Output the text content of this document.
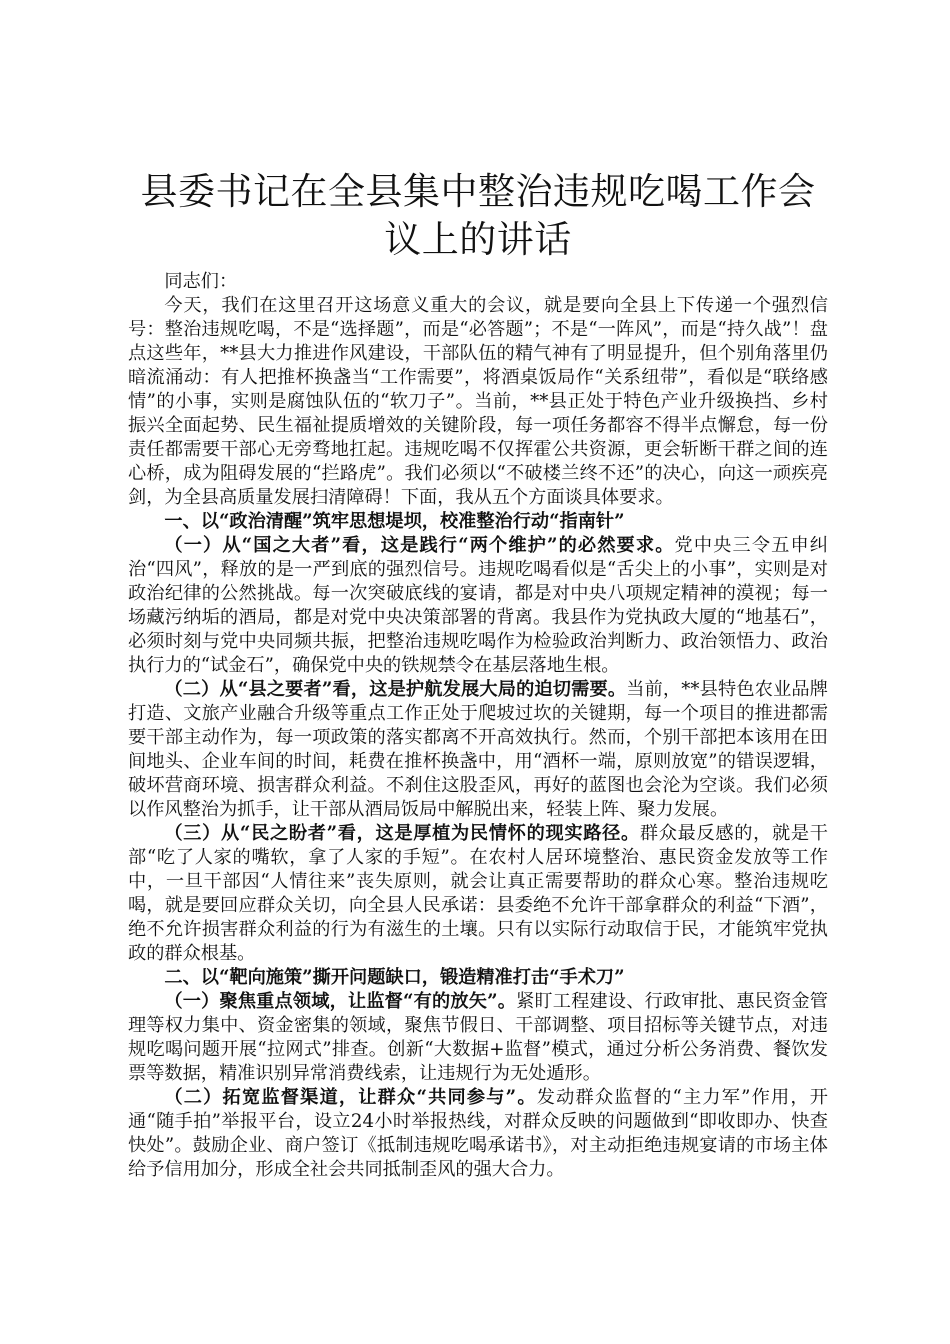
县委书记在全县集中整治违规吃喝工作会议上的讲话

同志们：

今天，我们在这里召开这场意义重大的会议，就是要向全县上下传递一个强烈信号：整治违规吃喝，不是“选择题”，而是“必答题”；不是“一阵风”，而是“持久战”！盘点这些年，**县大力推进作风建设，干部队伍的精气神有了明显提升，但个别角落里仍暗流涌动：有人把推杯换盏当“工作需要”，将酒桌饭局作“关系纽带”，看似是“联络感情”的小事，实则是腐蚀队伍的“软刀子”。当前，**县正处于特色产业升级换挡、乡村振兴全面起势、民生福祉提质增效的关键阶段，每一项任务都容不得半点懈怠，每一份责任都需要干部心无旁骛地扛起。违规吃喝不仅挥霍公共资源，更会斩断干群之间的连心桥，成为阻碍发展的“拦路虎”。我们必须以“不破楼兰终不还”的决心，向这一顽疾亮剑，为全县高质量发展扫清障碍！下面，我从五个方面谈具体要求。

一、以“政治清醒”筑牢思想堤坝，校准整治行动“指南针”

（一）从“国之大者”看，这是践行“两个维护”的必然要求。党中央三令五申纠治“四风”，释放的是一严到底的强烈信号。违规吃喝看似是“舌尖上的小事”，实则是对政治纪律的公然挑战。每一次突破底线的宴请，都是对中央八项规定精神的漠视；每一场藏污纳垢的酒局，都是对党中央决策部署的背离。我县作为党执政大厦的“地基石”，必须时刻与党中央同频共振，把整治违规吃喝作为检验政治判断力、政治领悟力、政治执行力的“试金石”，确保党中央的铁规禁令在基层落地生根。

（二）从“县之要者”看，这是护航发展大局的迫切需要。当前，**县特色农业品牌打造、文旅产业融合升级等重点工作正处于爬坡过坎的关键期，每一个项目的推进都需要干部主动作为，每一项政策的落实都离不开高效执行。然而，个别干部把本该用在田间地头、企业车间的时间，耗费在推杯换盏中，用“酒杯一端，原则放宽”的错误逻辑，破坏营商环境、损害群众利益。不刹住这股歪风，再好的蓝图也会沦为空谈。我们必须以作风整治为抓手，让干部从酒局饭局中解脱出来，轻装上阵、聚力发展。

（三）从“民之盼者”看，这是厚植为民情怀的现实路径。群众最反感的，就是干部“吃了人家的嘴软，拿了人家的手短”。在农村人居环境整治、惠民资金发放等工作中，一旦干部因“人情往来”丧失原则，就会让真正需要帮助的群众心寒。整治违规吃喝，就是要回应群众关切，向全县人民承诺：县委绝不允许干部拿群众的利益“下酒”，绝不允许损害群众利益的行为有滋生的土壤。只有以实际行动取信于民，才能筑牢党执政的群众根基。

二、以“靶向施策”撕开问题缺口，锻造精准打击“手术刀”

（一）聚焦重点领域，让监督“有的放矢”。紧盯工程建设、行政审批、惠民资金管理等权力集中、资金密集的领域，聚焦节假日、干部调整、项目招标等关键节点，对违规吃喝问题开展“拉网式”排查。创新“大数据+监督”模式，通过分析公务消费、餐饮发票等数据，精准识别异常消费线索，让违规行为无处遁形。

（二）拓宽监督渠道，让群众“共同参与”。发动群众监督的“主力军”作用，开通“随手拍”举报平台，设立24小时举报热线，对群众反映的问题做到“即收即办、快查快处”。鼓励企业、商户签订《抵制违规吃喝承诺书》，对主动拒绝违规宴请的市场主体给予信用加分，形成全社会共同抵制歪风的强大合力。
